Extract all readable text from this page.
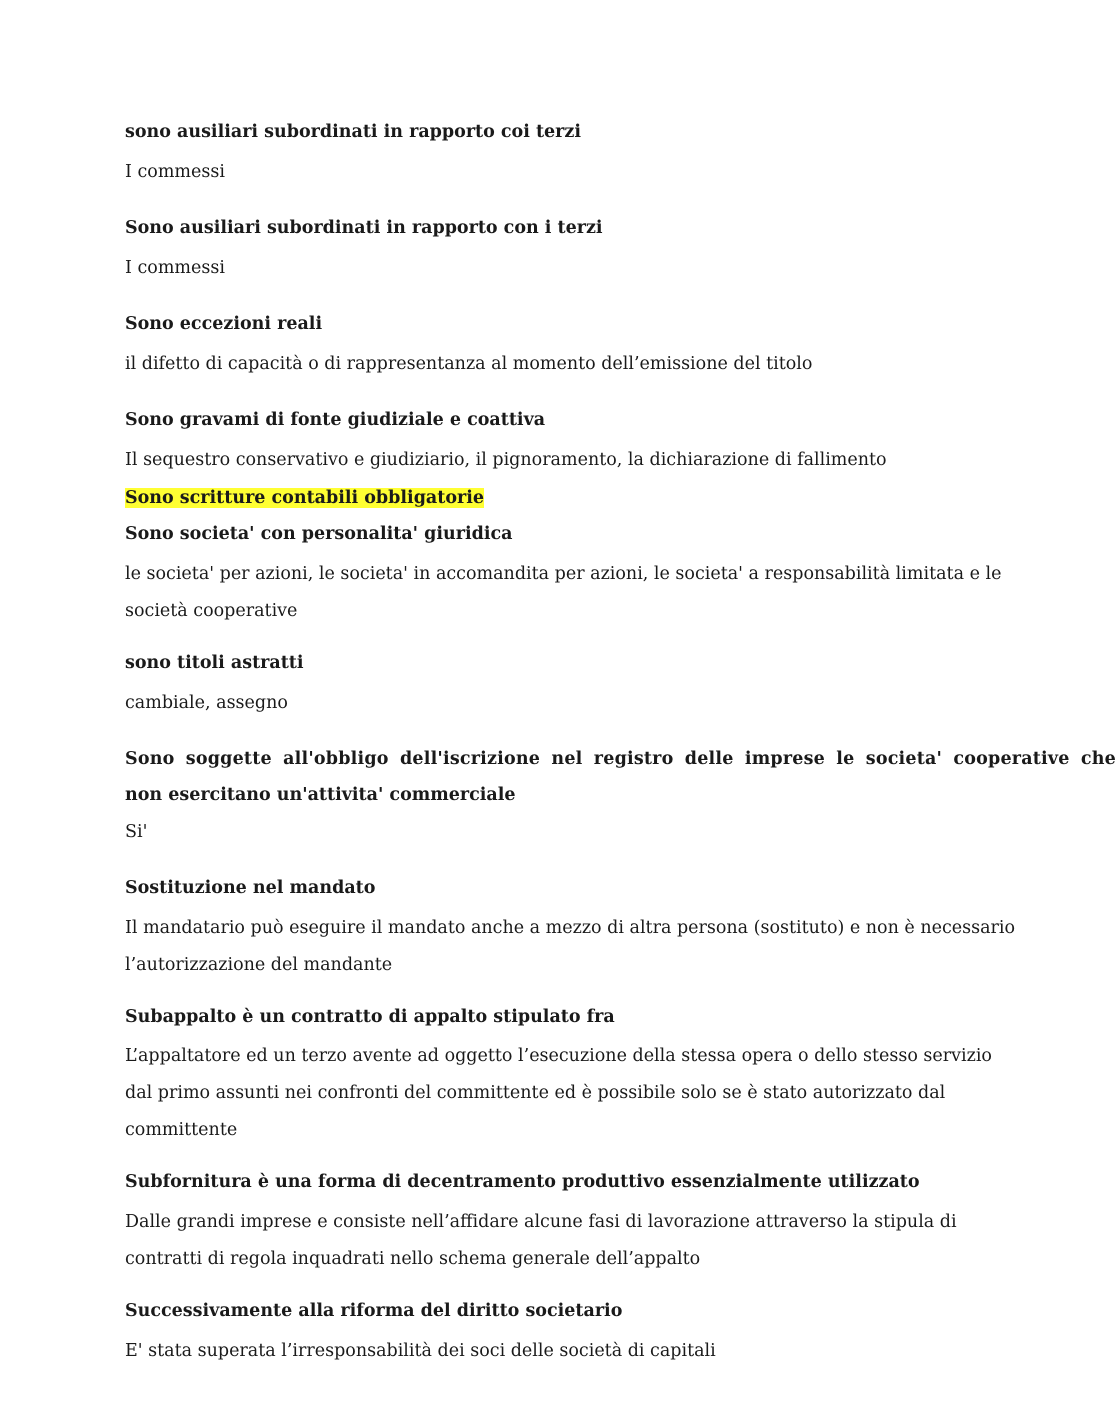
sono ausiliari subordinati in rapporto coi terzi
I commessi
Sono ausiliari subordinati in rapporto con i terzi
I commessi
Sono eccezioni reali
il difetto di capacità o di rappresentanza al momento dell’emissione del titolo
Sono gravami di fonte giudiziale e coattiva
Il sequestro conservativo e giudiziario, il pignoramento, la dichiarazione di fallimento
Sono scritture contabili obbligatorie
Sono societa' con personalita' giuridica
le societa' per azioni, le societa' in accomandita per azioni, le societa' a responsabilità limitata e le
società cooperative
sono titoli astratti
cambiale, assegno
Sono soggette all'obbligo dell'iscrizione nel registro delle imprese le societa' cooperative che
non esercitano un'attivita' commerciale
Si'
Sostituzione nel mandato
Il mandatario può eseguire il mandato anche a mezzo di altra persona (sostituto) e non è necessario
l’autorizzazione del mandante
Subappalto è un contratto di appalto stipulato fra
L’appaltatore ed un terzo avente ad oggetto l’esecuzione della stessa opera o dello stesso servizio
dal primo assunti nei confronti del committente ed è possibile solo se è stato autorizzato dal
committente
Subfornitura è una forma di decentramento produttivo essenzialmente utilizzato
Dalle grandi imprese e consiste nell’affidare alcune fasi di lavorazione attraverso la stipula di
contratti di regola inquadrati nello schema generale dell’appalto
Successivamente alla riforma del diritto societario
E' stata superata l’irresponsabilità dei soci delle società di capitali
